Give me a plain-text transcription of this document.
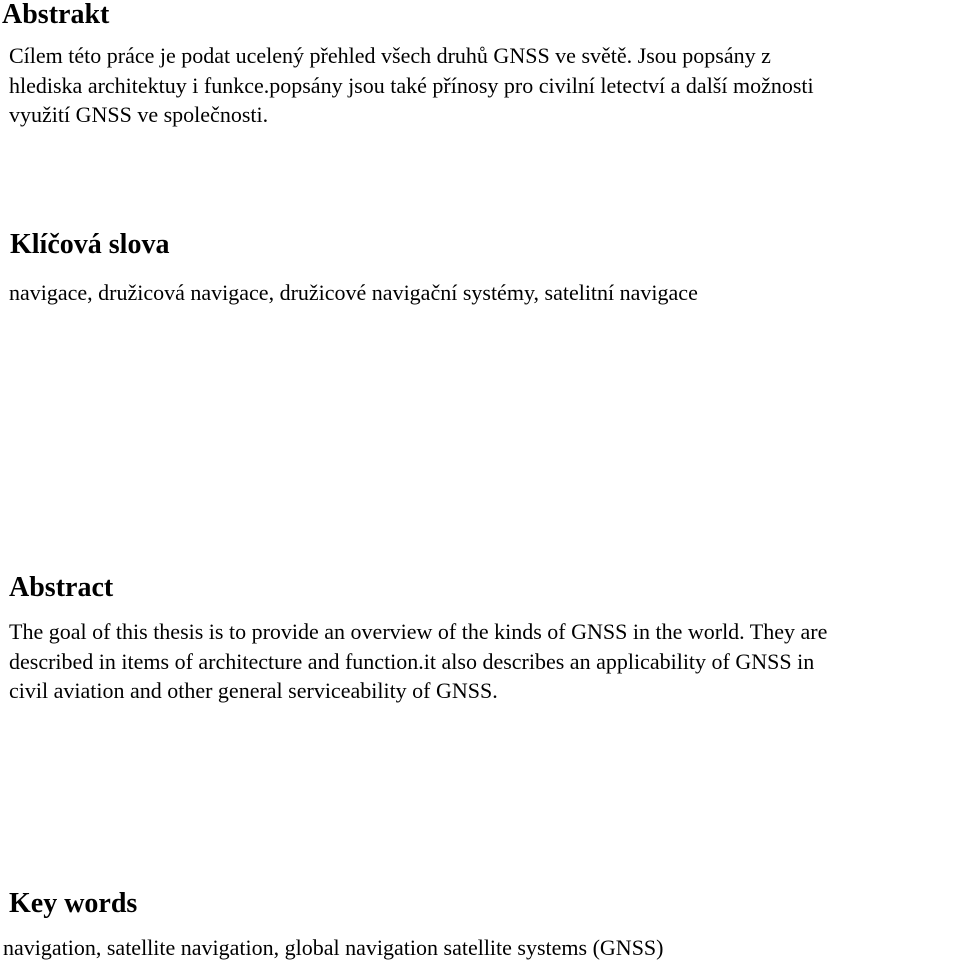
Abstrakt

Cílem této práce je podat ucelený přehled všech druhů GNSS ve světě. Jsou popsány z
hlediska architektuy i funkce.popsány jsou také přínosy pro civilní letectví a další možnosti
využití GNSS ve společnosti.

Klíčová slova

navigace, družicová navigace, družicové navigační systémy, satelitní navigace

Abstract

The goal of this thesis is to provide an overview of the kinds of GNSS in the world. They are
described in items of architecture and function.it also describes an applicability of GNSS in
civil aviation and other general serviceability of GNSS.

Key words

navigation, satellite navigation, global navigation satellite systems (GNSS)
